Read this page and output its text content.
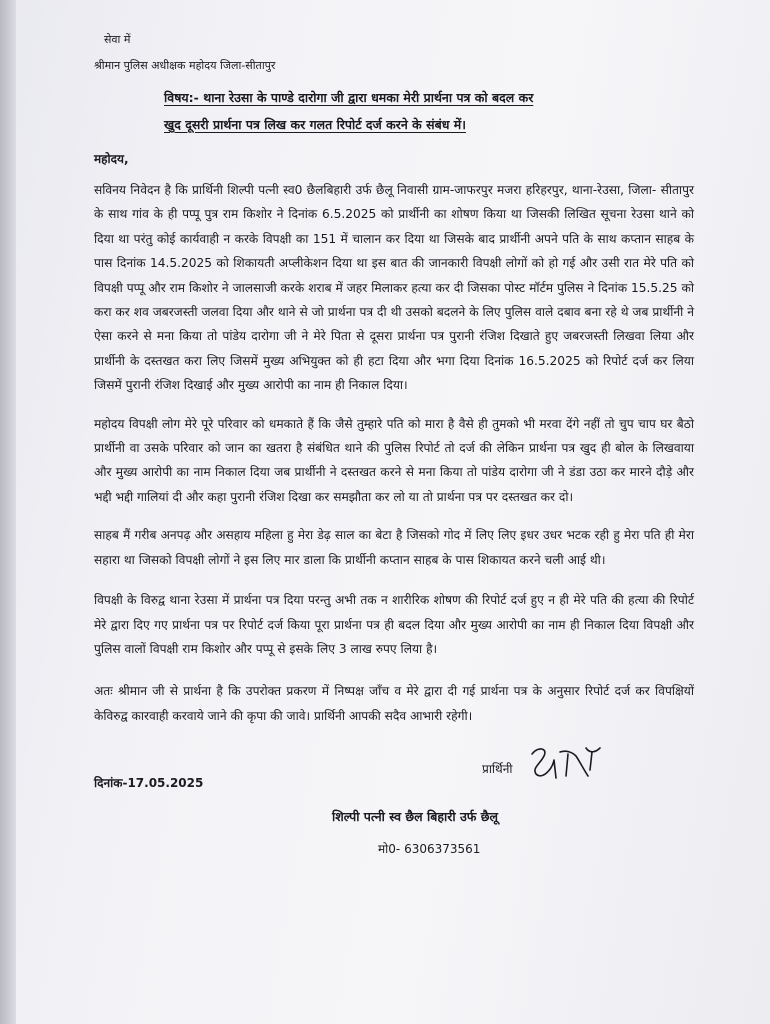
सेवा में
श्रीमान पुलिस अधीक्षक महोदय जिला-सीतापुर
विषय:- थाना रेउसा के पाण्डे दारोगा जी द्वारा धमका मेरी प्रार्थना पत्र को बदल कर
खुद दूसरी प्रार्थना पत्र लिख कर गलत रिपोर्ट दर्ज करने के संबंध में।
महोदय,

सविनय निवेदन है कि प्रार्थिनी शिल्पी पत्नी स्व0 छैलबिहारी उर्फ छैलू निवासी ग्राम-जाफरपुर मजरा हरिहरपुर, थाना-रेउसा, जिला- सीतापुर के साथ गांव के ही पप्पू पुत्र राम किशोर ने दिनांक 6.5.2025 को प्रार्थीनी का शोषण किया था जिसकी लिखित सूचना रेउसा थाने को दिया था परंतु कोई कार्यवाही न करके विपक्षी का 151 में चालान कर दिया था जिसके बाद प्रार्थीनी अपने पति के साथ कप्तान साहब के पास दिनांक 14.5.2025 को शिकायती अप्लीकेशन दिया था इस बात की जानकारी विपक्षी लोगों को हो गई और उसी रात मेरे पति को विपक्षी पप्पू और राम किशोर ने जालसाजी करके शराब में जहर मिलाकर हत्या कर दी जिसका पोस्ट मॉर्टम पुलिस ने दिनांक 15.5.25 को करा कर शव जबरजस्ती जलवा दिया और थाने से जो प्रार्थना पत्र दी थी उसको बदलने के लिए पुलिस वाले दबाव बना रहे थे जब प्रार्थीनी ने ऐसा करने से मना किया तो पांडेय दारोगा जी ने मेरे पिता से दूसरा प्रार्थना पत्र पुरानी रंजिश दिखाते हुए जबरजस्ती लिखवा लिया और प्रार्थीनी के दस्तखत करा लिए जिसमें मुख्य अभियुक्त को ही हटा दिया और भगा दिया दिनांक 16.5.2025 को रिपोर्ट दर्ज कर लिया जिसमें पुरानी रंजिश दिखाई और मुख्य आरोपी का नाम ही निकाल दिया।

महोदय विपक्षी लोग मेरे पूरे परिवार को धमकाते हैं कि जैसे तुम्हारे पति को मारा है वैसे ही तुमको भी मरवा देंगे नहीं तो चुप चाप घर बैठो प्रार्थीनी वा उसके परिवार को जान का खतरा है संबंधित थाने की पुलिस रिपोर्ट तो दर्ज की लेकिन प्रार्थना पत्र खुद ही बोल के लिखवाया और मुख्य आरोपी का नाम निकाल दिया जब प्रार्थीनी ने दस्तखत करने से मना किया तो पांडेय दारोगा जी ने डंडा उठा कर मारने दौड़े और भद्दी भद्दी गालियां दी और कहा पुरानी रंजिश दिखा कर समझौता कर लो या तो प्रार्थना पत्र पर दस्तखत कर दो।

साहब मैं गरीब अनपढ़ और असहाय महिला हु मेरा डेढ़ साल का बेटा है जिसको गोद में लिए लिए इधर उधर भटक रही हु मेरा पति ही मेरा सहारा था जिसको विपक्षी लोगों ने इस लिए मार डाला कि प्रार्थीनी कप्तान साहब के पास शिकायत करने चली आई थी।

विपक्षी के विरुद्व थाना रेउसा में प्रार्थना पत्र दिया परन्तु अभी तक न शारीरिक शोषण की रिपोर्ट दर्ज हुए न ही मेरे पति की हत्या की रिपोर्ट मेरे द्वारा दिए गए प्रार्थना पत्र पर रिपोर्ट दर्ज किया पूरा प्रार्थना पत्र ही बदल दिया और मुख्य आरोपी का नाम ही निकाल दिया विपक्षी और पुलिस वालों विपक्षी राम किशोर और पप्पू से इसके लिए 3 लाख रुपए लिया है।

अतः श्रीमान जी से प्रार्थना है कि उपरोक्त प्रकरण में निष्पक्ष जाँच व मेरे द्वारा दी गई प्रार्थना पत्र के अनुसार रिपोर्ट दर्ज कर विपक्षियों केविरुद्व कारवाही करवाये जाने की कृपा की जावे। प्रार्थिनी आपकी सदैव आभारी रहेगी।

दिनांक-17.05.2025
प्रार्थिनी
शिल्पी पत्नी स्व छैल बिहारी उर्फ छैलू
मो0- 6306373561
